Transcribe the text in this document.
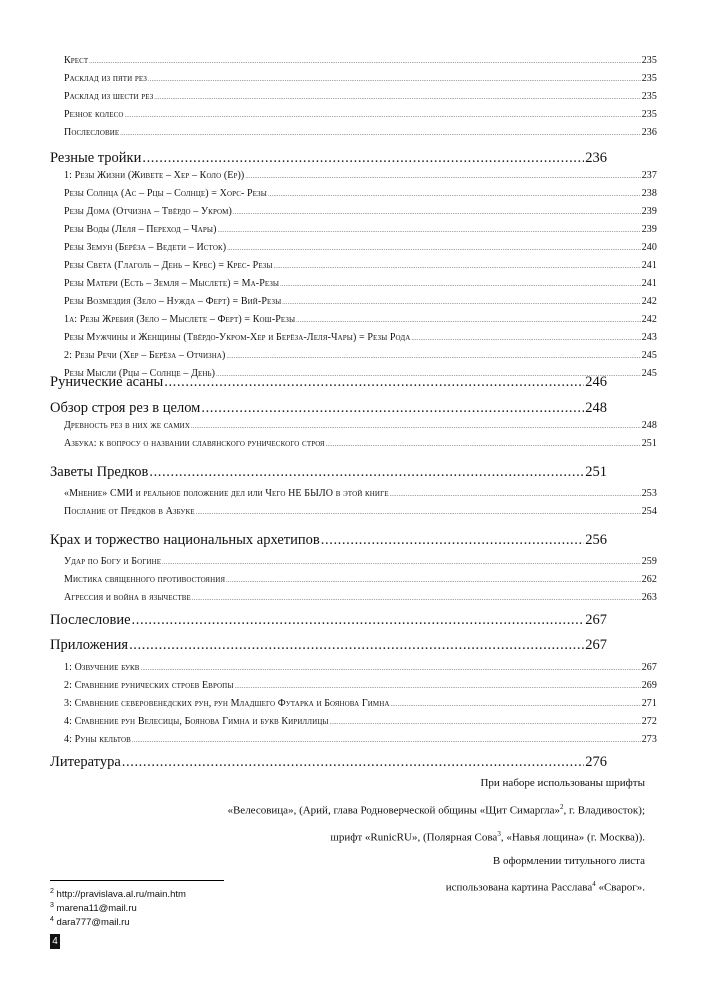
Крест .....	235
Расклад из пяти рез .....	235
Расклад из шести рез .....	235
Резное колесо .....	235
Послесловие .....	236
Резные тройки .....	236
1: Резы Жизни (Живете – Хер – Коло (Ер)) .....	237
Резы Солнца (Ас – Рцы – Солнце) = Хорс- Резы .....	238
Резы Дома (Отчизна – Твёрдо – Укром) .....	239
Резы Воды (Леля – Переход – Чары) .....	239
Резы Земун (Берёза – Ведети – Исток) .....	240
Резы Света (Глаголь – День – Крес) = Крес- Резы .....	241
Резы Матери (Есть – Земля – Мыслете) = Ма-Резы .....	241
Резы Возмездия (Зело – Нужда – Ферт) = Вий-Резы .....	242
1а: Резы Жребия (Зело – Мыслете – Ферт) = Кош-Резы .....	242
Резы Мужчины и Женщины (Твёрдо-Укром-Хер и Берёза-Леля-Чары) = Резы Рода .....	243
2: Резы Речи (Хер – Берёза – Отчизна) .....	245
Резы Мысли (Рцы – Солнце – День) .....	245
Рунические асаны .....	246
Обзор строя рез в целом .....	248
Древность рез в них же самих .....	248
Азбука: к вопросу о названии славянского рунического строя .....	251
Заветы Предков .....	251
«Мнение» СМИ и реальное положение дел или Чего НЕ БЫЛО в этой книге .....	253
Послание от Предков в Азбуке .....	254
Крах и торжество национальных архетипов .....	256
Удар по Богу и Богине .....	259
Мистика священного противостояния .....	262
Агрессия и война в язычестве .....	263
Послесловие .....	267
Приложения .....	267
1: Озвучение букв .....	267
2: Сравнение рунических строев Европы .....	269
3: Сравнение северовенедских рун, рун Младшего Футарка и Боянова Гимна .....	271
4: Сравнение рун Велесицы, Боянова Гимна и букв Кириллицы .....	272
4: Руны кельтов .....	273
Литература .....	276
При наборе использованы шрифты
«Велесовица», (Арий, глава Родноверческой общины «Щит Симаргла»$^2$, г. Владивосток);
шрифт «RunicRU», (Полярная Сова$^3$, «Навья лощина» (г. Москва)).
В оформлении титульного листа
использована картина Расслава$^4$ «Сварог».
$^2$ http://pravislava.al.ru/main.htm
$^3$ marena11@mail.ru
$^4$ dara777@mail.ru
4
